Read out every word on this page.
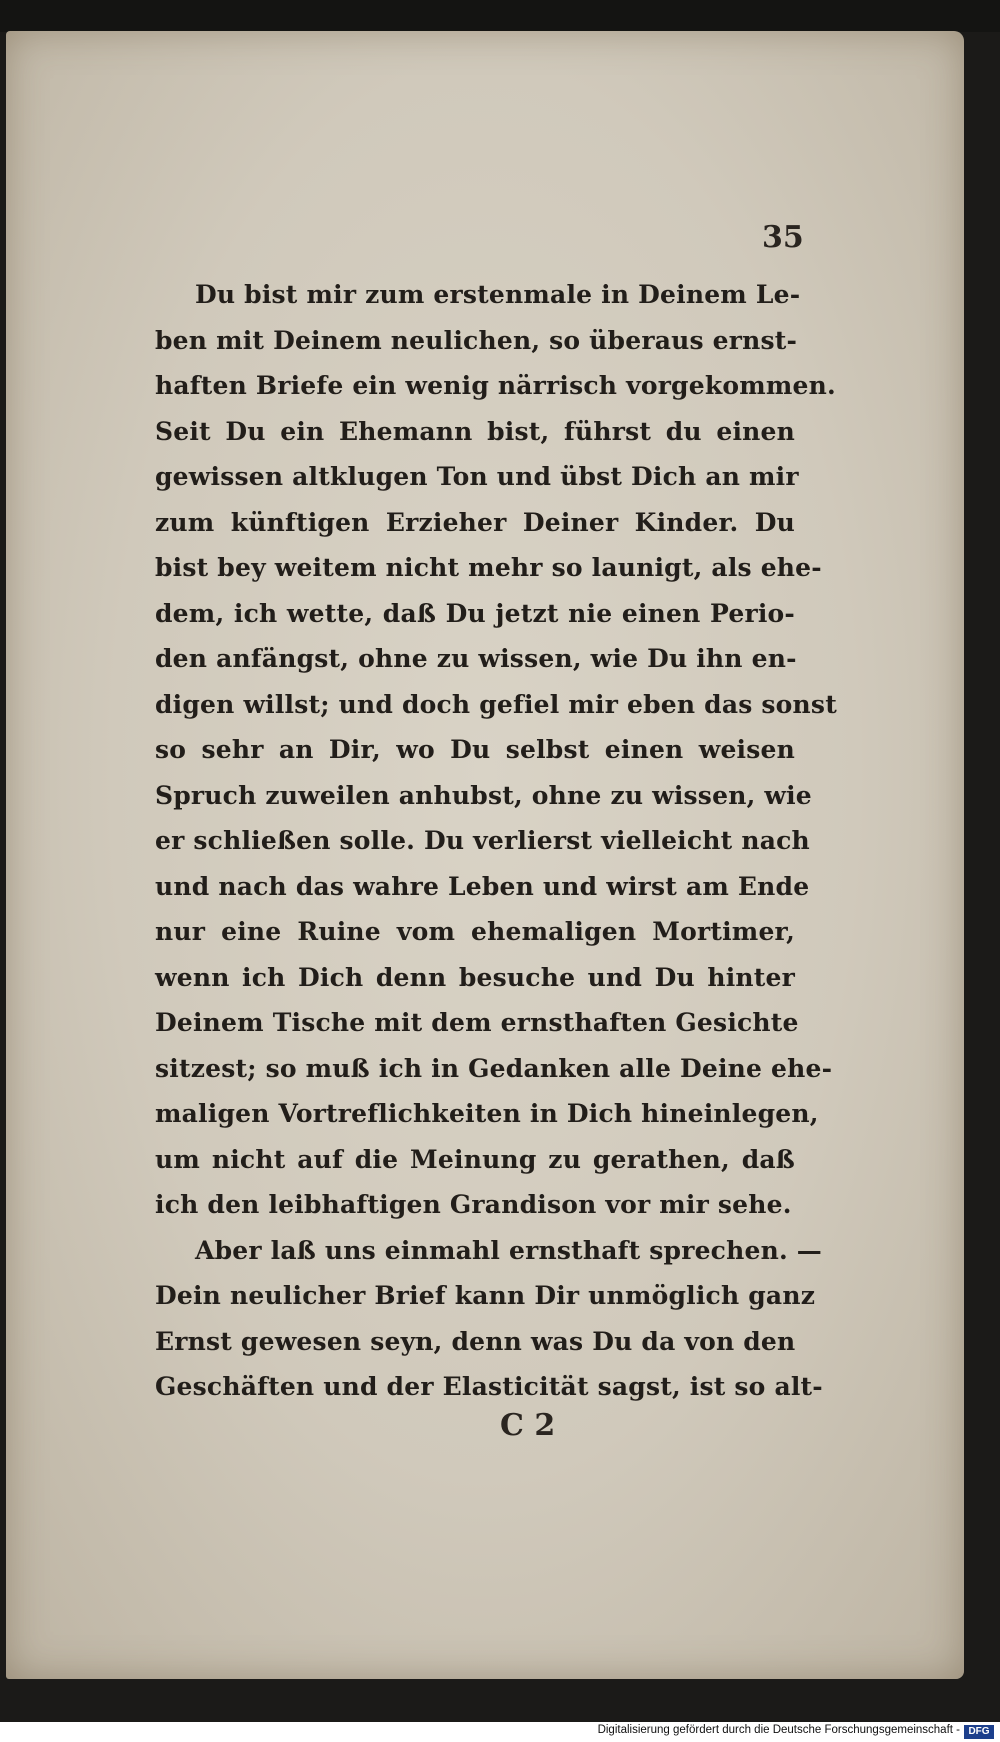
35
Du bist mir zum erstenmale in Deinem Le-
ben mit Deinem neulichen, so überaus ernst-
haften Briefe ein wenig närrisch vorgekommen.
Seit Du ein Ehemann bist, führst du einen
gewissen altklugen Ton und übst Dich an mir
zum künftigen Erzieher Deiner Kinder. Du
bist bey weitem nicht mehr so launigt, als ehe-
dem, ich wette, daß Du jetzt nie einen Perio-
den anfängst, ohne zu wissen, wie Du ihn en-
digen willst; und doch gefiel mir eben das sonst
so sehr an Dir, wo Du selbst einen weisen
Spruch zuweilen anhubst, ohne zu wissen, wie
er schließen solle. Du verlierst vielleicht nach
und nach das wahre Leben und wirst am Ende
nur eine Ruine vom ehemaligen Mortimer,
wenn ich Dich denn besuche und Du hinter
Deinem Tische mit dem ernsthaften Gesichte
sitzest; so muß ich in Gedanken alle Deine ehe-
maligen Vortreflichkeiten in Dich hineinlegen,
um nicht auf die Meinung zu gerathen, daß
ich den leibhaftigen Grandison vor mir sehe.
Aber laß uns einmahl ernsthaft sprechen. —
Dein neulicher Brief kann Dir unmöglich ganz
Ernst gewesen seyn, denn was Du da von den
Geschäften und der Elasticität sagst, ist so alt-
C 2
Digitalisierung gefördert durch die Deutsche Forschungsgemeinschaft - DFG
